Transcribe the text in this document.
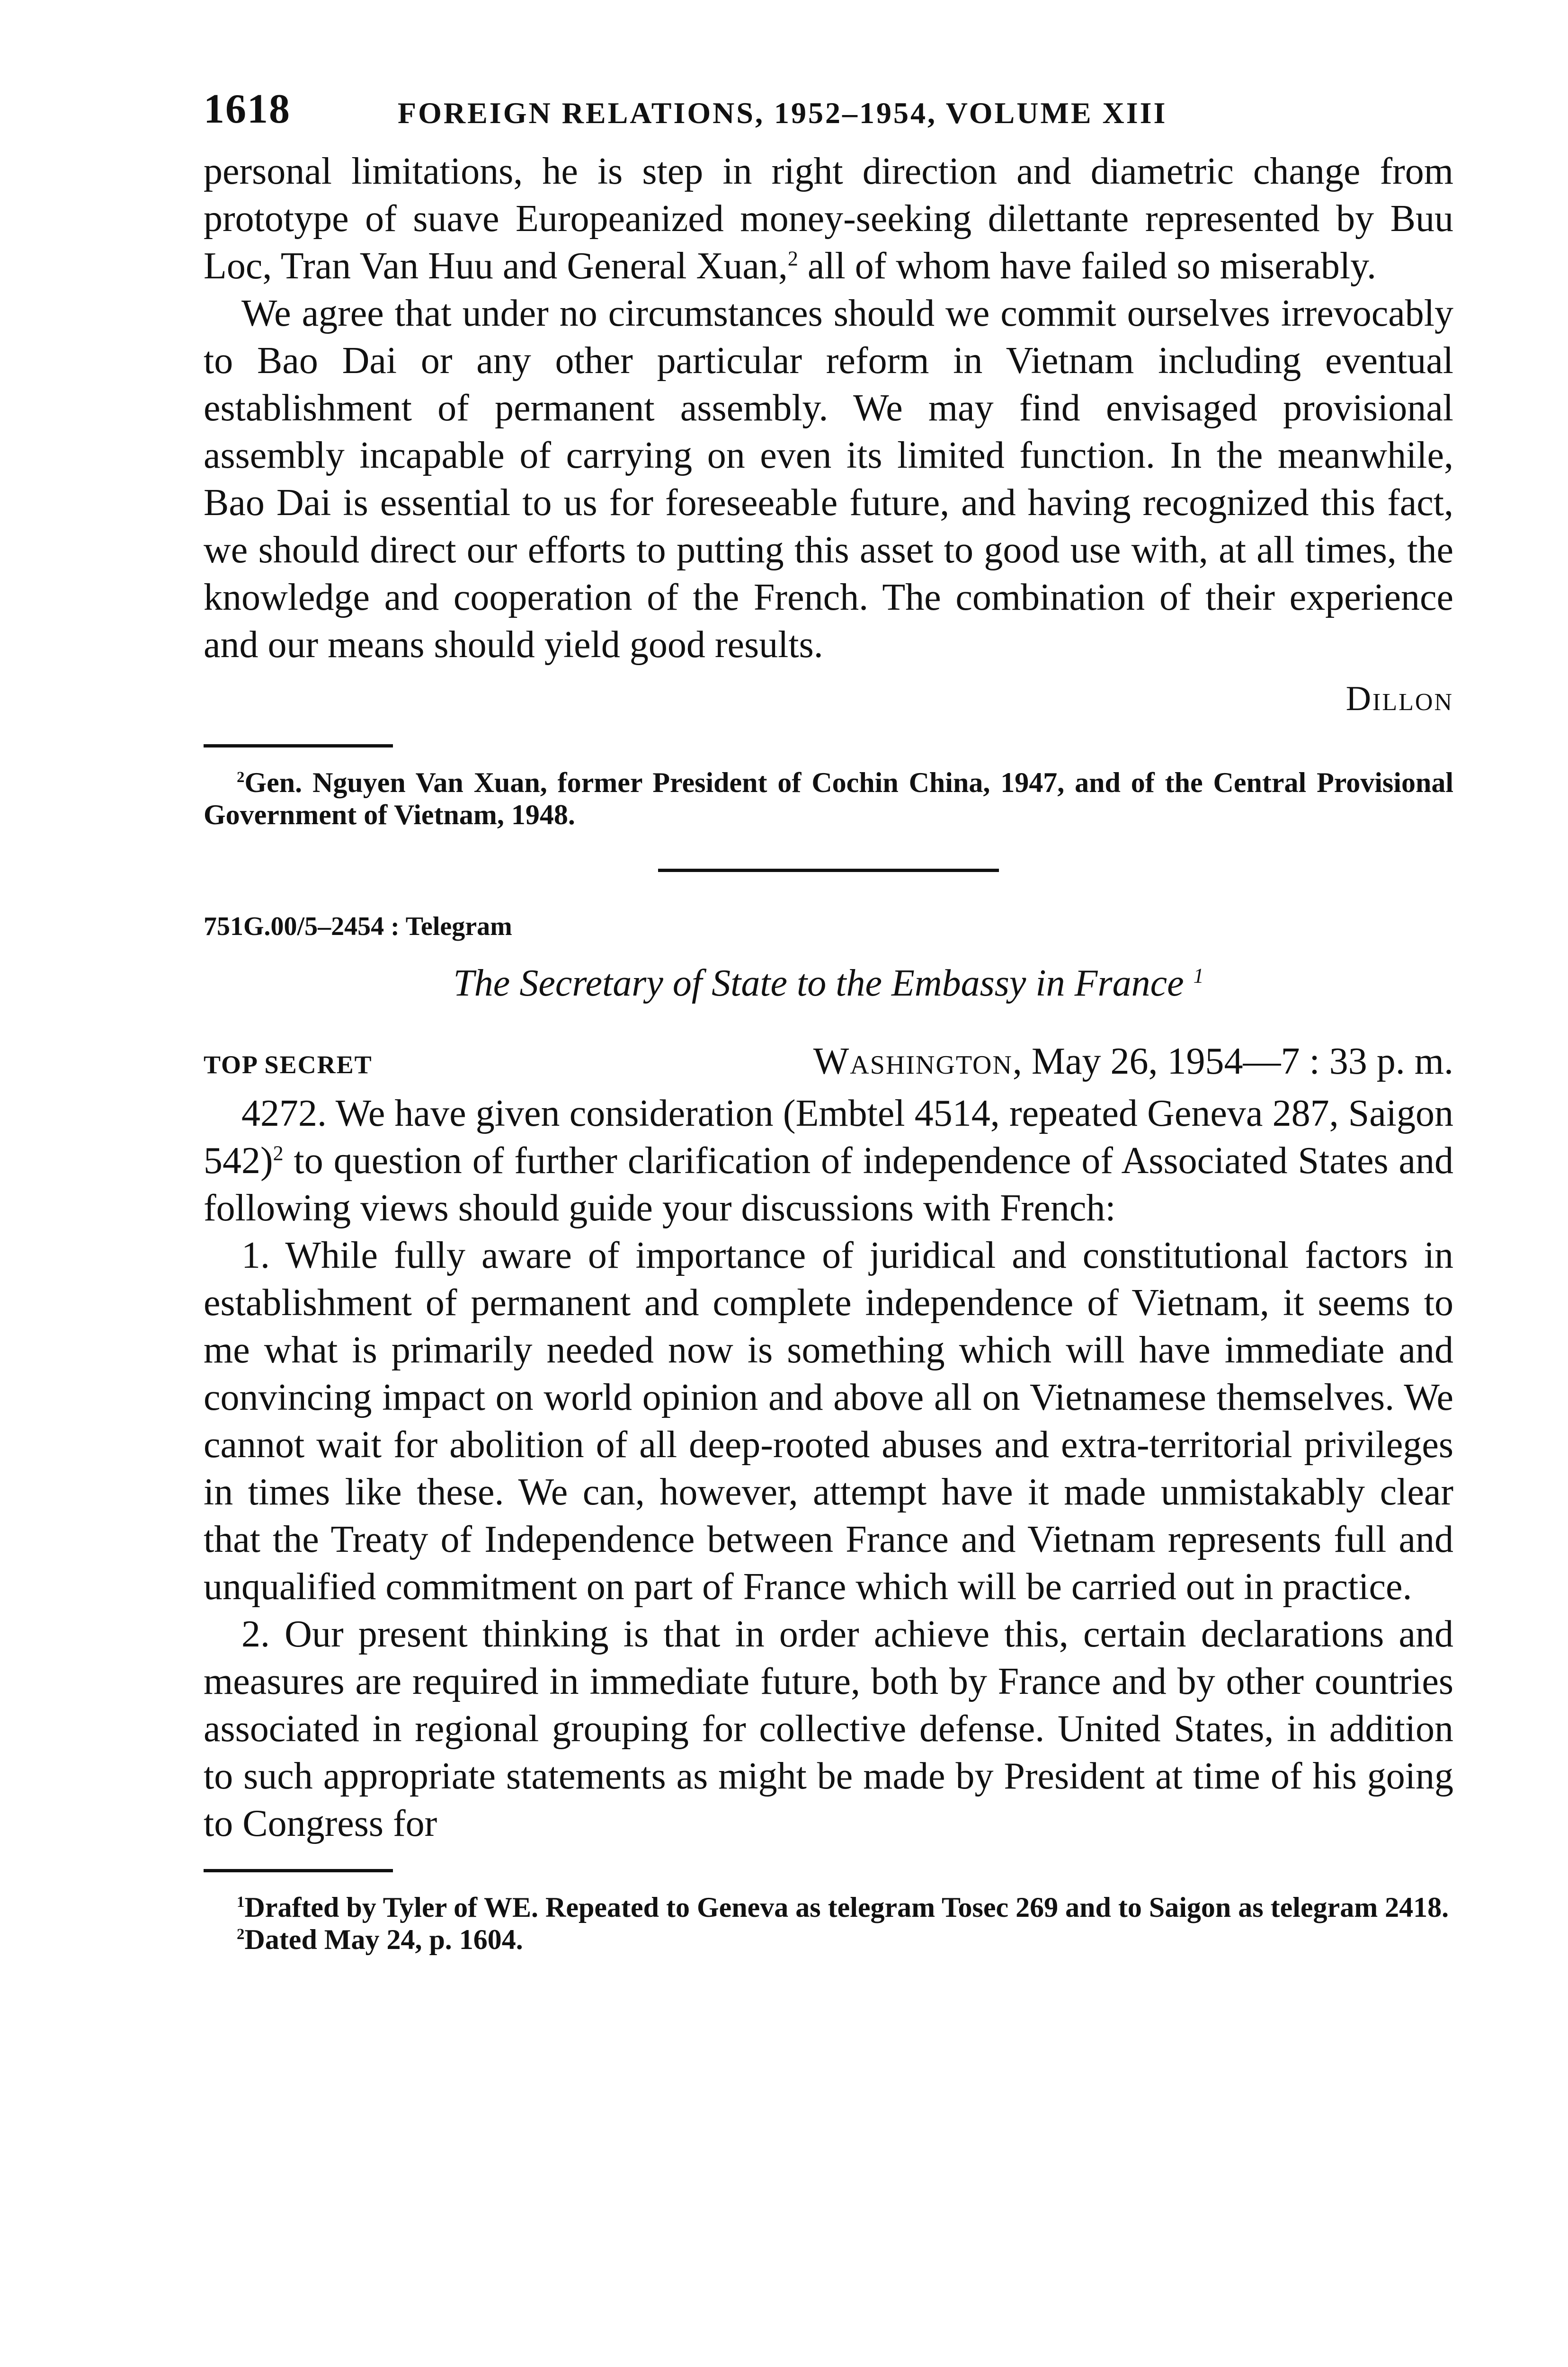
1618	FOREIGN RELATIONS, 1952–1954, VOLUME XIII

personal limitations, he is step in right direction and diametric change from prototype of suave Europeanized money-seeking dilettante represented by Buu Loc, Tran Van Huu and General Xuan,$^2$ all of whom have failed so miserably.

We agree that under no circumstances should we commit ourselves irrevocably to Bao Dai or any other particular reform in Vietnam including eventual establishment of permanent assembly. We may find envisaged provisional assembly incapable of carrying on even its limited function. In the meanwhile, Bao Dai is essential to us for foreseeable future, and having recognized this fact, we should direct our efforts to putting this asset to good use with, at all times, the knowledge and cooperation of the French. The combination of their experience and our means should yield good results.

Dillon

$^2$Gen. Nguyen Van Xuan, former President of Cochin China, 1947, and of the Central Provisional Government of Vietnam, 1948.

751G.00/5–2454 : Telegram

The Secretary of State to the Embassy in France $^1$

TOP SECRET	Washington, May 26, 1954—7 : 33 p. m.

4272. We have given consideration (Embtel 4514, repeated Geneva 287, Saigon 542)$^2$ to question of further clarification of independence of Associated States and following views should guide your discussions with French:

1. While fully aware of importance of juridical and constitutional factors in establishment of permanent and complete independence of Vietnam, it seems to me what is primarily needed now is something which will have immediate and convincing impact on world opinion and above all on Vietnamese themselves. We cannot wait for abolition of all deep-rooted abuses and extra-territorial privileges in times like these. We can, however, attempt have it made unmistakably clear that the Treaty of Independence between France and Vietnam represents full and unqualified commitment on part of France which will be carried out in practice.

2. Our present thinking is that in order achieve this, certain declarations and measures are required in immediate future, both by France and by other countries associated in regional grouping for collective defense. United States, in addition to such appropriate statements as might be made by President at time of his going to Congress for

$^1$Drafted by Tyler of WE. Repeated to Geneva as telegram Tosec 269 and to Saigon as telegram 2418.

$^2$Dated May 24, p. 1604.
